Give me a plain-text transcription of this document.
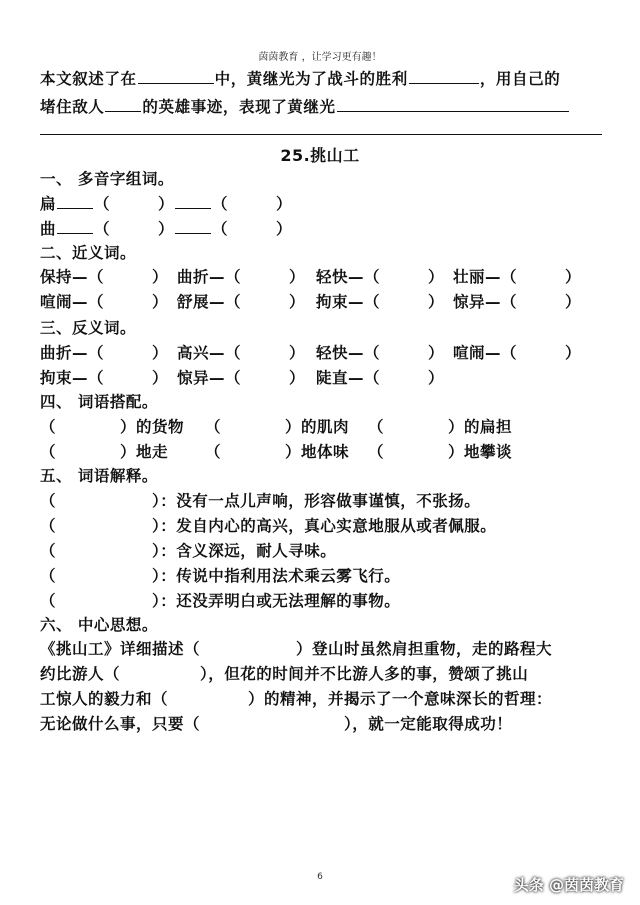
茵茵教育 ，让学习更有趣！
本文叙述了在	中，黄继光为了战斗的胜利	，用自己的
堵住敌人 的英雄事迹，表现了黄继光
25.挑山工
一、 多音字组词。
扁 （　　　） （　　　）
曲 （　　　） （　　　）
二、近义词。
保持—（　　　） 曲折—（　　　） 轻快—（　　　） 壮丽—（　　　）
喧闹—（　　　） 舒展—（　　　） 拘束—（　　　） 惊异—（　　　）
三、反义词。
曲折—（　　　） 高兴—（　　　） 轻快—（　　　） 喧闹—（　　　）
拘束—（　　　） 惊异—（　　　） 陡直—（　　　）
四、 词语搭配。
（　　　　）的货物 （　　　　）的肌肉 （　　　　）的扁担
（　　　　）地走 （　　　　）地体味 （　　　　）地攀谈
五、 词语解释。
（　　　　　　）：没有一点儿声响，形容做事谨慎，不张扬。
（　　　　　　）：发自内心的高兴，真心实意地服从或者佩服。
（　　　　　　）：含义深远，耐人寻味。
（　　　　　　）：传说中指利用法术乘云雾飞行。
（　　　　　　）：还没弄明白或无法理解的事物。
六、 中心思想。
《挑山工》详细描述（　　　　　　）登山时虽然肩担重物，走的路程大
约比游人（　　　　　），但花的时间并不比游人多的事，赞颂了挑山
工惊人的毅力和（　　　　　）的精神，并揭示了一个意味深长的哲理：
无论做什么事，只要（　　　　　　　　　），就一定能取得成功！
6	头条 @茵茵教育
